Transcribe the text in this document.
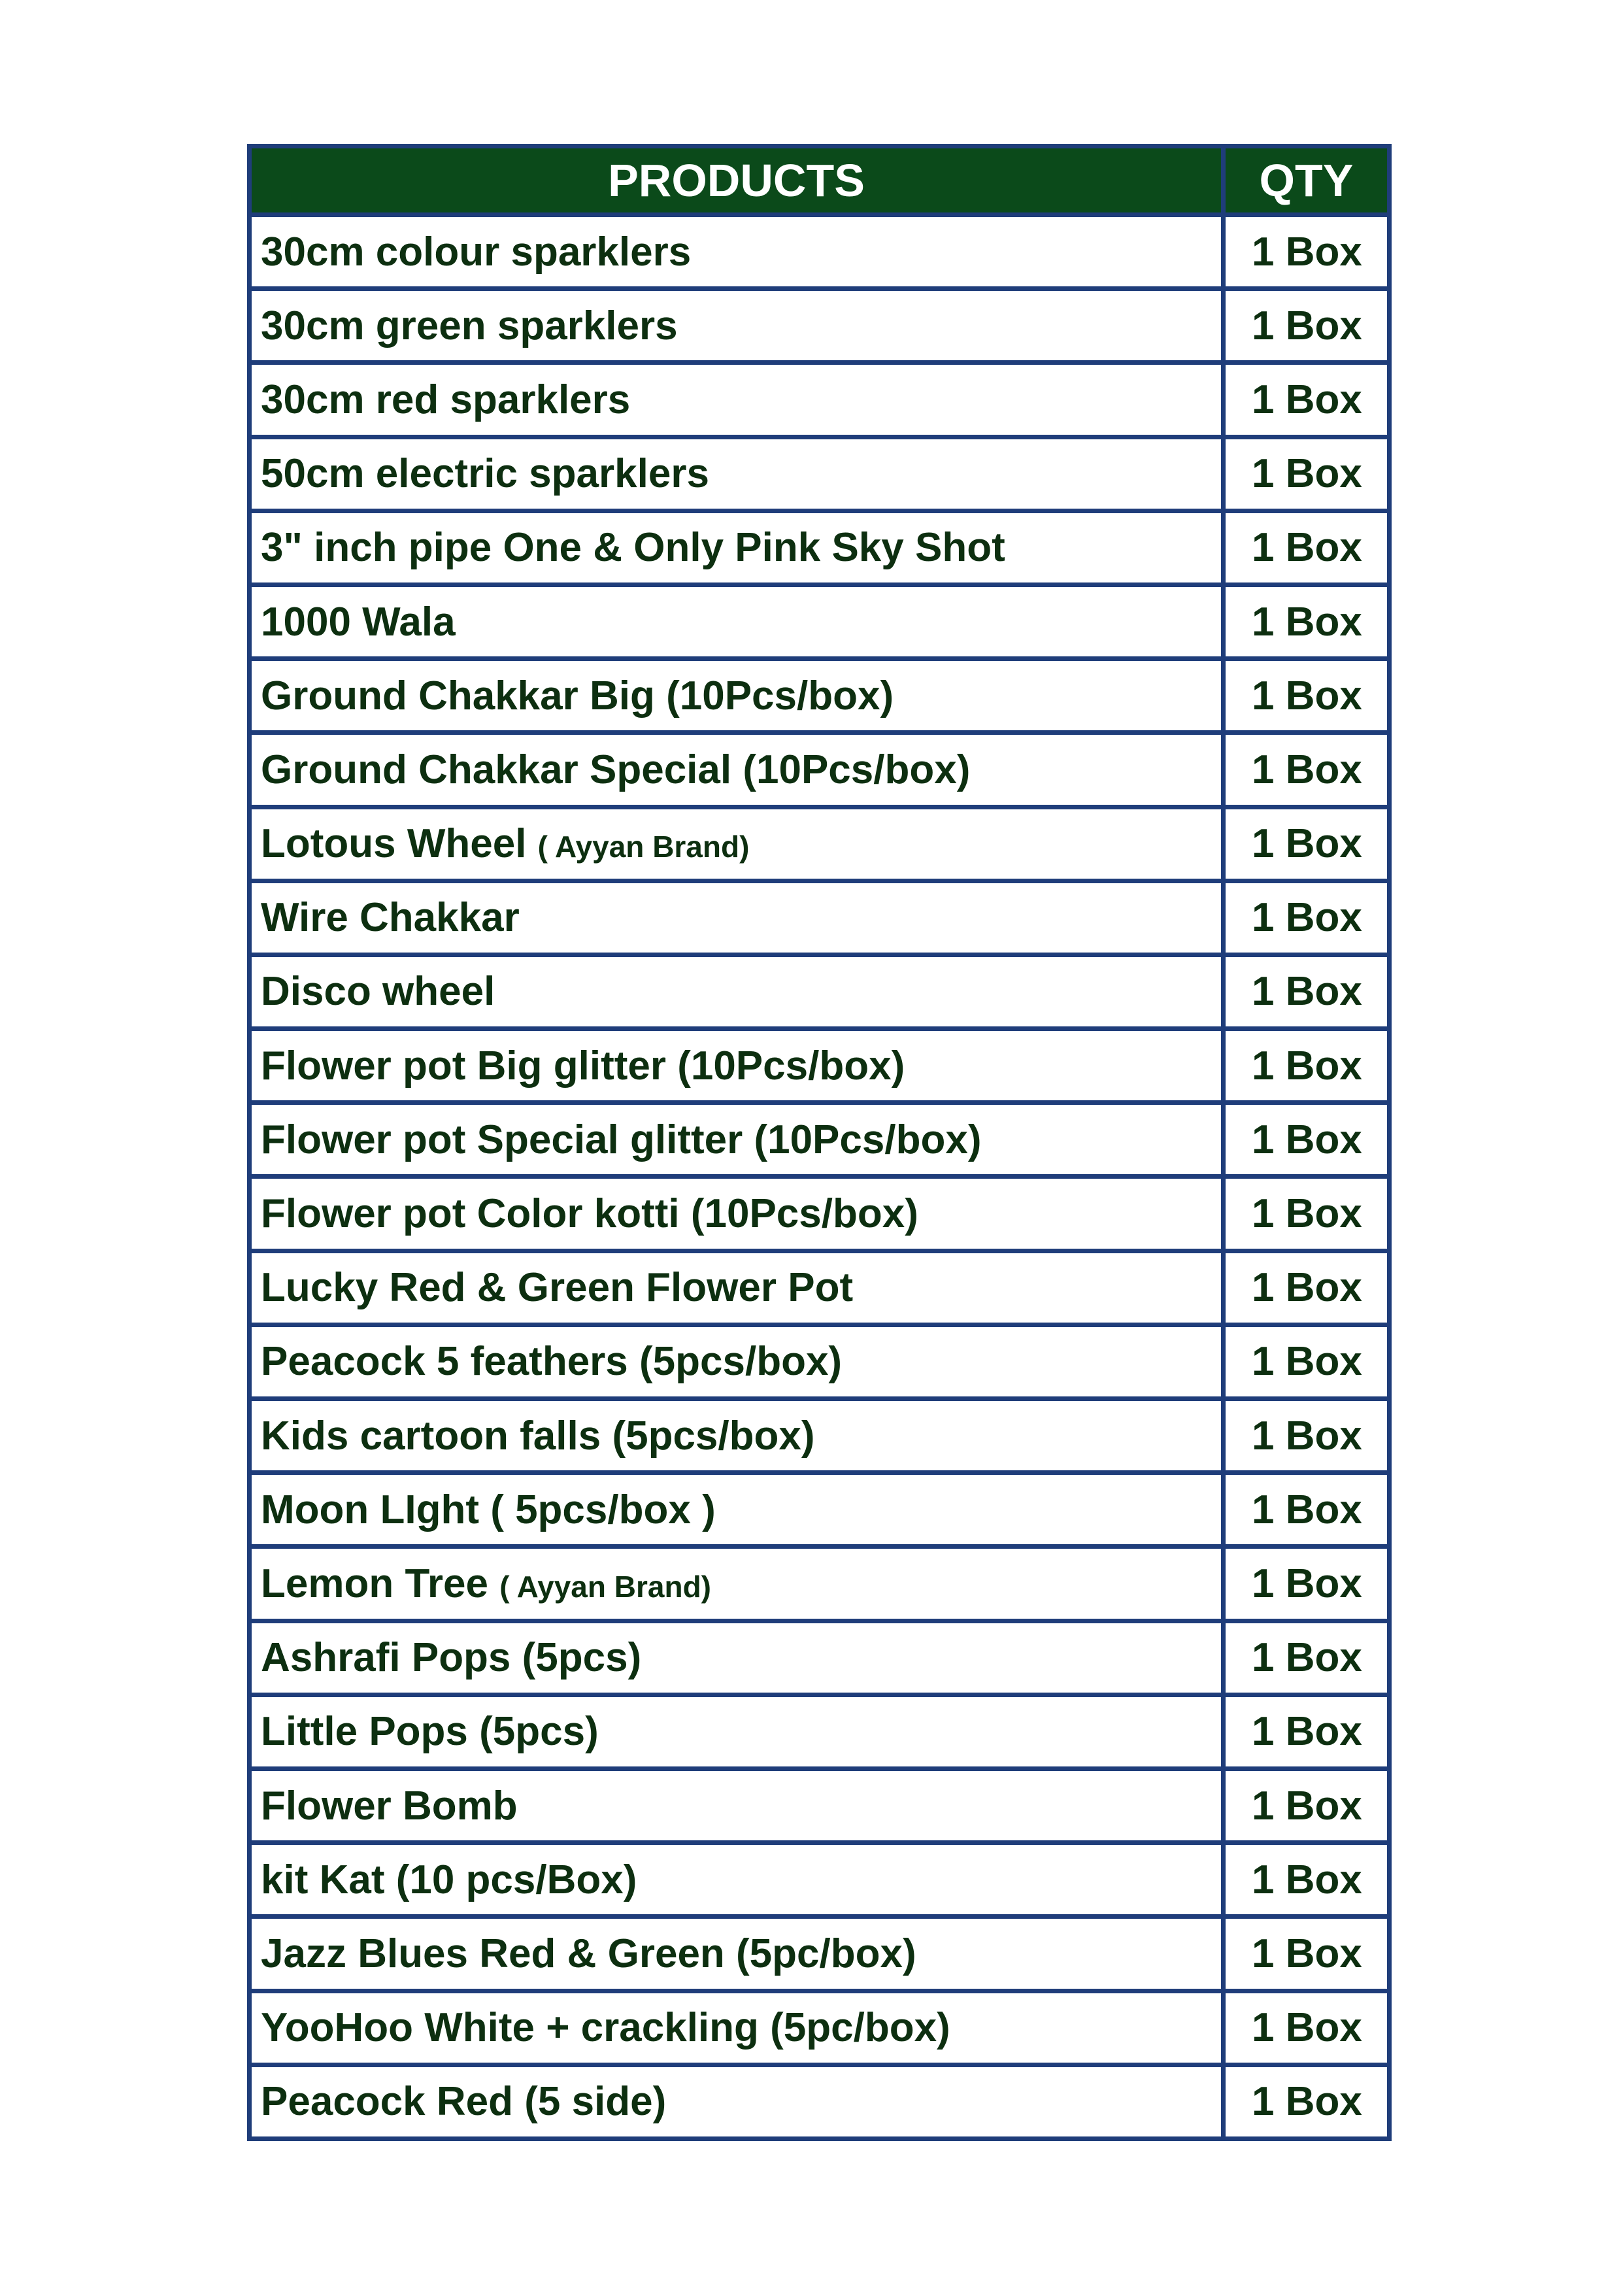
PRODUCTS	QTY
30cm colour sparklers	1 Box
30cm green sparklers	1 Box
30cm red sparklers	1 Box
50cm electric sparklers	1 Box
3" inch pipe One & Only Pink Sky Shot	1 Box
1000 Wala	1 Box
Ground Chakkar Big (10Pcs/box)	1 Box
Ground Chakkar Special (10Pcs/box)	1 Box
Lotous Wheel ( Ayyan Brand)	1 Box
Wire Chakkar	1 Box
Disco wheel	1 Box
Flower pot Big glitter (10Pcs/box)	1 Box
Flower pot Special glitter (10Pcs/box)	1 Box
Flower pot Color kotti (10Pcs/box)	1 Box
Lucky Red & Green Flower Pot	1 Box
Peacock 5 feathers (5pcs/box)	1 Box
Kids cartoon falls (5pcs/box)	1 Box
Moon LIght ( 5pcs/box )	1 Box
Lemon Tree ( Ayyan Brand)	1 Box
Ashrafi Pops (5pcs)	1 Box
Little Pops (5pcs)	1 Box
Flower Bomb	1 Box
kit Kat (10 pcs/Box)	1 Box
Jazz Blues Red & Green (5pc/box)	1 Box
YooHoo White + crackling (5pc/box)	1 Box
Peacock Red (5 side)	1 Box
